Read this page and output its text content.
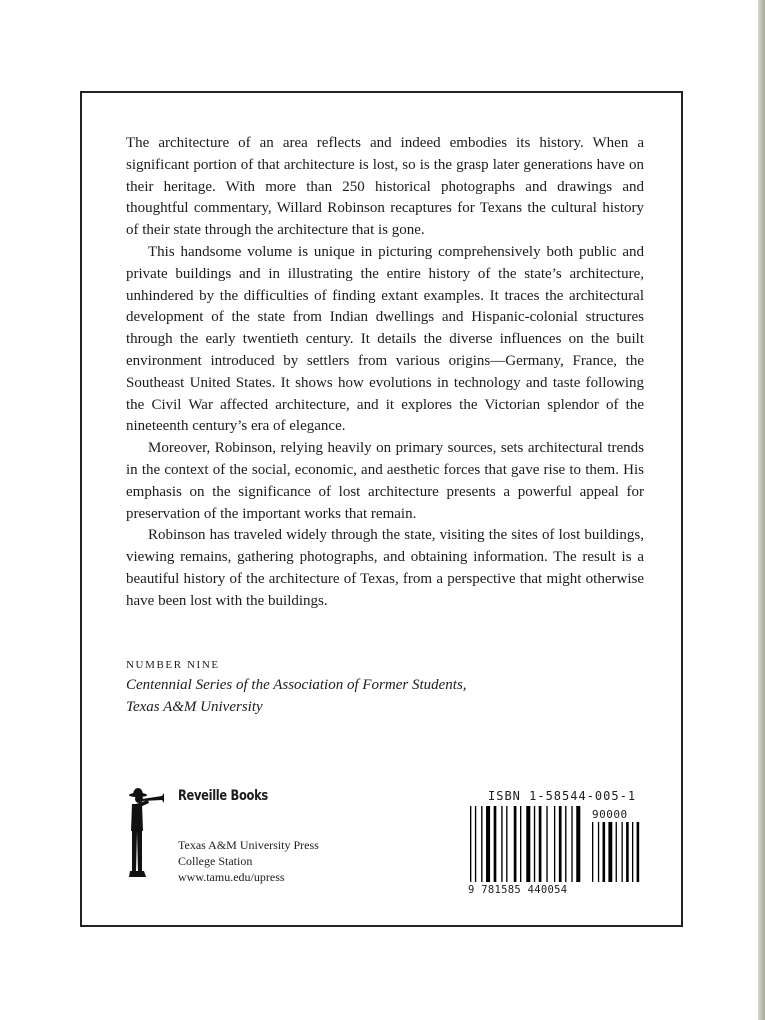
The architecture of an area reflects and indeed embodies its history. When a significant portion of that architecture is lost, so is the grasp later generations have on their heritage. With more than 250 historical photographs and drawings and thoughtful commentary, Willard Robinson recaptures for Texans the cultural history of their state through the architecture that is gone.

This handsome volume is unique in picturing comprehensively both public and private buildings and in illustrating the entire history of the state’s architecture, unhindered by the difficulties of finding extant examples. It traces the architectural development of the state from Indian dwellings and Hispanic-colonial structures through the early twentieth century. It details the diverse influences on the built environment introduced by settlers from various origins—Germany, France, the Southeast United States. It shows how evolutions in technology and taste following the Civil War affected architecture, and it explores the Victorian splendor of the nineteenth century’s era of elegance.

Moreover, Robinson, relying heavily on primary sources, sets architectural trends in the context of the social, economic, and aesthetic forces that gave rise to them. His emphasis on the significance of lost architecture presents a powerful appeal for preservation of the important works that remain.

Robinson has traveled widely through the state, visiting the sites of lost buildings, viewing remains, gathering photographs, and obtaining information. The result is a beautiful history of the architecture of Texas, from a perspective that might otherwise have been lost with the buildings.

NUMBER NINE
Centennial Series of the Association of Former Students,
Texas A&M University
Reveille Books
Texas A&M University Press
College Station
www.tamu.edu/upress
ISBN 1-58544-005-1
90000
9 781585 440054
